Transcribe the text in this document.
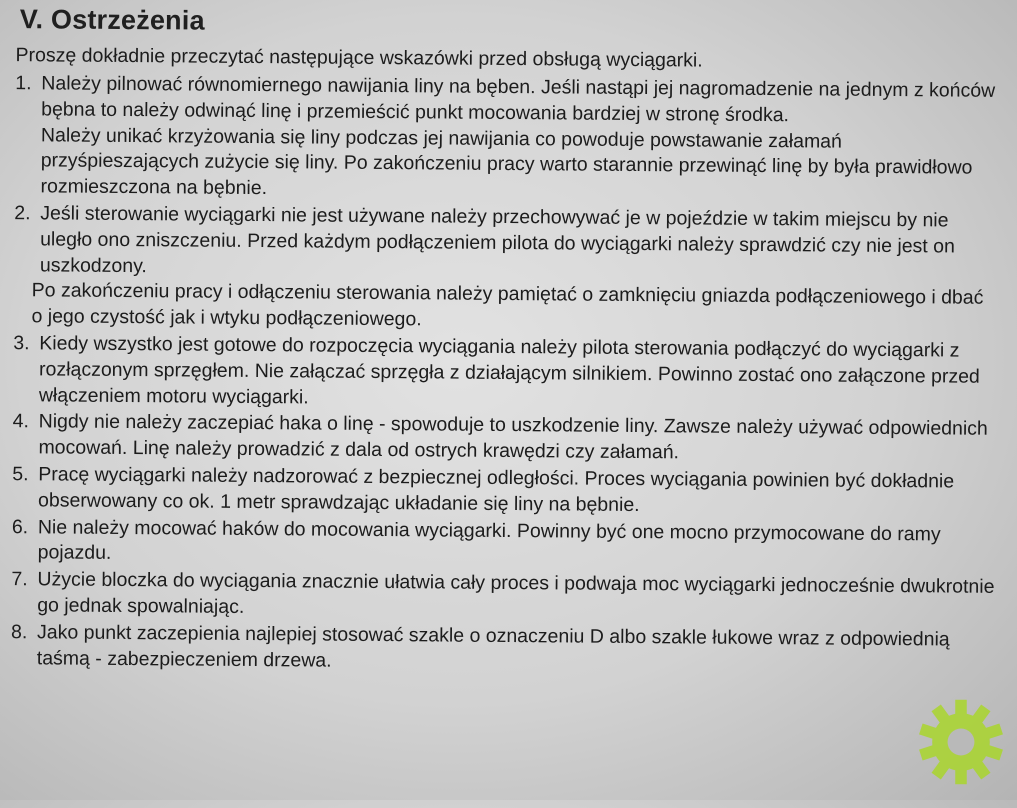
V. Ostrzeżenia
Proszę dokładnie przeczytać następujące wskazówki przed obsługą wyciągarki.
1. Należy pilnować równomiernego nawijania liny na bęben. Jeśli nastąpi jej nagromadzenie na jednym z końców bębna to należy odwinąć linę i przemieścić punkt mocowania bardziej w stronę środka.
Należy unikać krzyżowania się liny podczas jej nawijania co powoduje powstawanie załamań przyśpieszających zużycie się liny. Po zakończeniu pracy warto starannie przewinąć linę by była prawidłowo rozmieszczona na bębnie.
2. Jeśli sterowanie wyciągarki nie jest używane należy przechowywać je w pojeździe w takim miejscu by nie uległo ono zniszczeniu. Przed każdym podłączeniem pilota do wyciągarki należy sprawdzić czy nie jest on uszkodzony.
Po zakończeniu pracy i odłączeniu sterowania należy pamiętać o zamknięciu gniazda podłączeniowego i dbać o jego czystość jak i wtyku podłączeniowego.
3. Kiedy wszystko jest gotowe do rozpoczęcia wyciągania należy pilota sterowania podłączyć do wyciągarki z rozłączonym sprzęgłem. Nie załączać sprzęgła z działającym silnikiem. Powinno zostać ono załączone przed włączeniem motoru wyciągarki.
4. Nigdy nie należy zaczepiać haka o linę - spowoduje to uszkodzenie liny. Zawsze należy używać odpowiednich mocowań. Linę należy prowadzić z dala od ostrych krawędzi czy załamań.
5. Pracę wyciągarki należy nadzorować z bezpiecznej odległości. Proces wyciągania powinien być dokładnie obserwowany co ok. 1 metr sprawdzając układanie się liny na bębnie.
6. Nie należy mocować haków do mocowania wyciągarki. Powinny być one mocno przymocowane do ramy pojazdu.
7. Użycie bloczka do wyciągania znacznie ułatwia cały proces i podwaja moc wyciągarki jednocześnie dwukrotnie go jednak spowalniając.
8. Jako punkt zaczepienia najlepiej stosować szakle o oznaczeniu D albo szakle łukowe wraz z odpowiednią taśmą - zabezpieczeniem drzewa.
